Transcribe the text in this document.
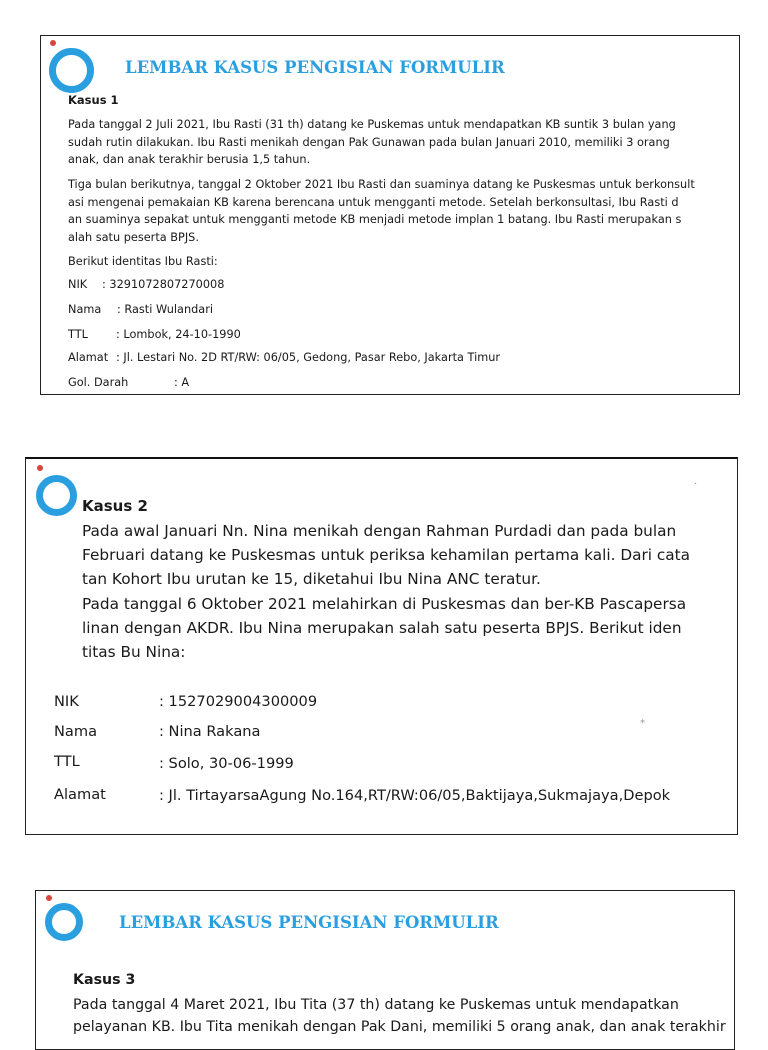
LEMBAR KASUS PENGISIAN FORMULIR

Kasus 1

Pada tanggal 2 Juli 2021, Ibu Rasti (31 th) datang ke Puskemas untuk mendapatkan KB suntik 3 bulan yang
sudah rutin dilakukan. Ibu Rasti menikah dengan Pak Gunawan pada bulan Januari 2010, memiliki 3 orang
anak, dan anak terakhir berusia 1,5 tahun.

Tiga bulan berikutnya, tanggal 2 Oktober 2021 Ibu Rasti dan suaminya datang ke Puskesmas untuk berkonsult
asi mengenai pemakaian KB karena berencana untuk mengganti metode. Setelah berkonsultasi, Ibu Rasti d
an suaminya sepakat untuk mengganti metode KB menjadi metode implan 1 batang. Ibu Rasti merupakan s
alah satu peserta BPJS.

Berikut identitas Ibu Rasti:

NIK : 3291072807270008
Nama : Rasti Wulandari
TTL : Lombok, 24-10-1990
Alamat : Jl. Lestari No. 2D RT/RW: 06/05, Gedong, Pasar Rebo, Jakarta Timur
Gol. Darah	: A

Kasus 2

Pada awal Januari Nn. Nina menikah dengan Rahman Purdadi dan pada bulan
Februari datang ke Puskesmas untuk periksa kehamilan pertama kali. Dari cata
tan Kohort Ibu urutan ke 15, diketahui Ibu Nina ANC teratur.
Pada tanggal 6 Oktober 2021 melahirkan di Puskesmas dan ber-KB Pascapersa
linan dengan AKDR. Ibu Nina merupakan salah satu peserta BPJS. Berikut iden
titas Bu Nina:

NIK	: 1527029004300009
Nama	: Nina Rakana
TTL	: Solo, 30-06-1999
Alamat	: Jl. TirtayarsaAgung No.164,RT/RW:06/05,Baktijaya,Sukmajaya,Depok
·
*
LEMBAR KASUS PENGISIAN FORMULIR

Kasus 3

Pada tanggal 4 Maret 2021, Ibu Tita (37 th) datang ke Puskemas untuk mendapatkan
pelayanan KB. Ibu Tita menikah dengan Pak Dani, memiliki 5 orang anak, dan anak terakhir
